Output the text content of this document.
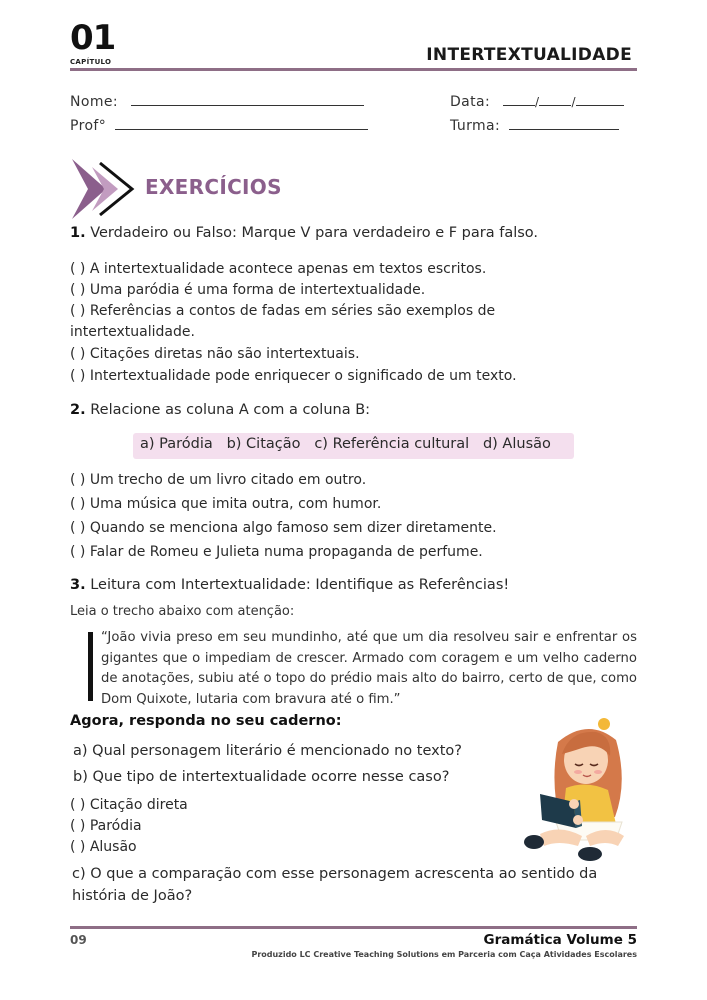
01
CAPÍTULO	INTERTEXTUALIDADE
Nome:	Data:	/	/
Prof°	Turma:
EXERCÍCIOS
1. Verdadeiro ou Falso: Marque V para verdadeiro e F para falso.
( ) A intertextualidade acontece apenas em textos escritos.
( ) Uma paródia é uma forma de intertextualidade.
( ) Referências a contos de fadas em séries são exemplos de intertextualidade.
( ) Citações diretas não são intertextuais.
( ) Intertextualidade pode enriquecer o significado de um texto.
2. Relacione as coluna A com a coluna B:
a) Paródia   b) Citação   c) Referência cultural   d) Alusão
( ) Um trecho de um livro citado em outro.
( ) Uma música que imita outra, com humor.
( ) Quando se menciona algo famoso sem dizer diretamente.
( ) Falar de Romeu e Julieta numa propaganda de perfume.
3. Leitura com Intertextualidade: Identifique as Referências!
Leia o trecho abaixo com atenção:
“João vivia preso em seu mundinho, até que um dia resolveu sair e enfrentar os gigantes que o impediam de crescer. Armado com coragem e um velho caderno de anotações, subiu até o topo do prédio mais alto do bairro, certo de que, como Dom Quixote, lutaria com bravura até o fim.”
Agora, responda no seu caderno:
a) Qual personagem literário é mencionado no texto?
b) Que tipo de intertextualidade ocorre nesse caso?
( ) Citação direta
( ) Paródia
( ) Alusão
c) O que a comparação com esse personagem acrescenta ao sentido da história de João?
09	Gramática Volume 5
Produzido LC Creative Teaching Solutions em Parceria com Caça Atividades Escolares
